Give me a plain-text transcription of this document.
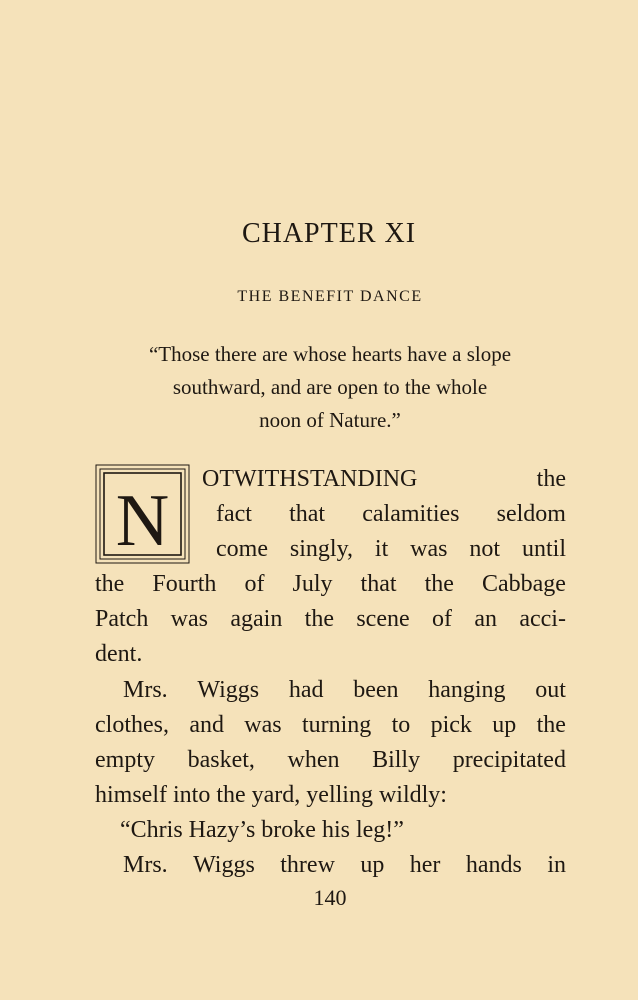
CHAPTER XI
THE BENEFIT DANCE
“Those there are whose hearts have a slope
southward, and are open to the whole
noon of Nature.”
N
OTWITHSTANDING	the
fact that calamities seldom
come singly, it was not until
the Fourth of July that the Cabbage
Patch was again the scene of an acci-
dent.
Mrs. Wiggs had been hanging out
clothes, and was turning to pick up the
empty basket, when Billy precipitated
himself into the yard, yelling wildly:
“Chris Hazy’s broke his leg!”
Mrs. Wiggs threw up her hands in
140
